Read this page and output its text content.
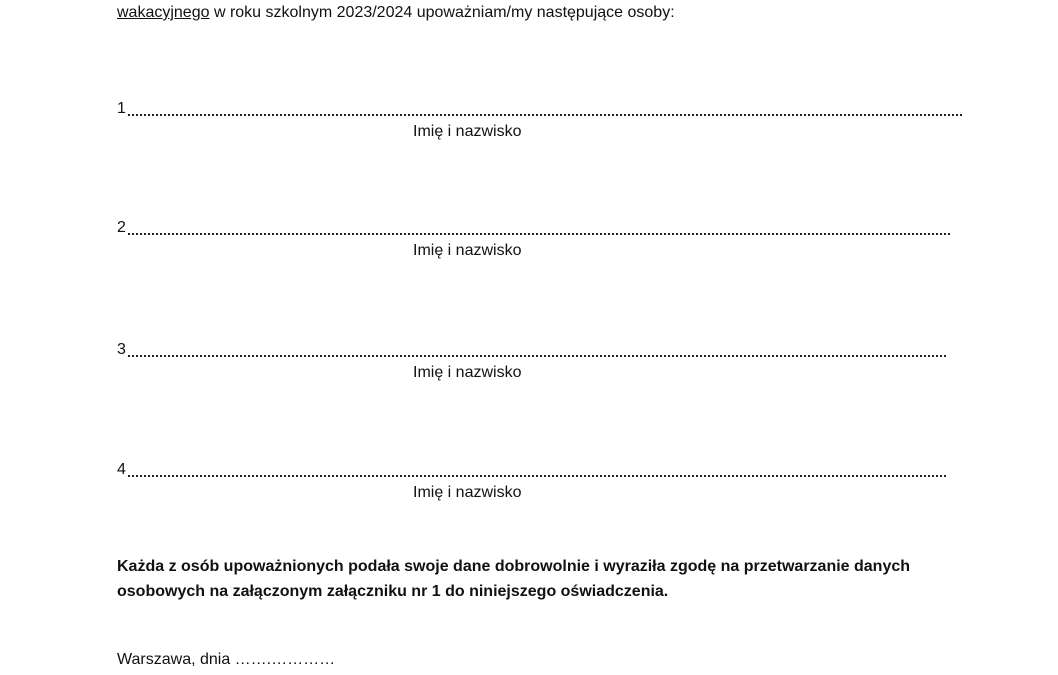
wakacyjnego w roku szkolnym 2023/2024 upoważniam/my następujące osoby:
1
Imię i nazwisko
2
Imię i nazwisko
3
Imię i nazwisko
4
Imię i nazwisko
Każda z osób upoważnionych podała swoje dane dobrowolnie i wyraziła zgodę na przetwarzanie danych
osobowych na załączonym załączniku nr 1 do niniejszego oświadczenia.
Warszawa, dnia …….…………
